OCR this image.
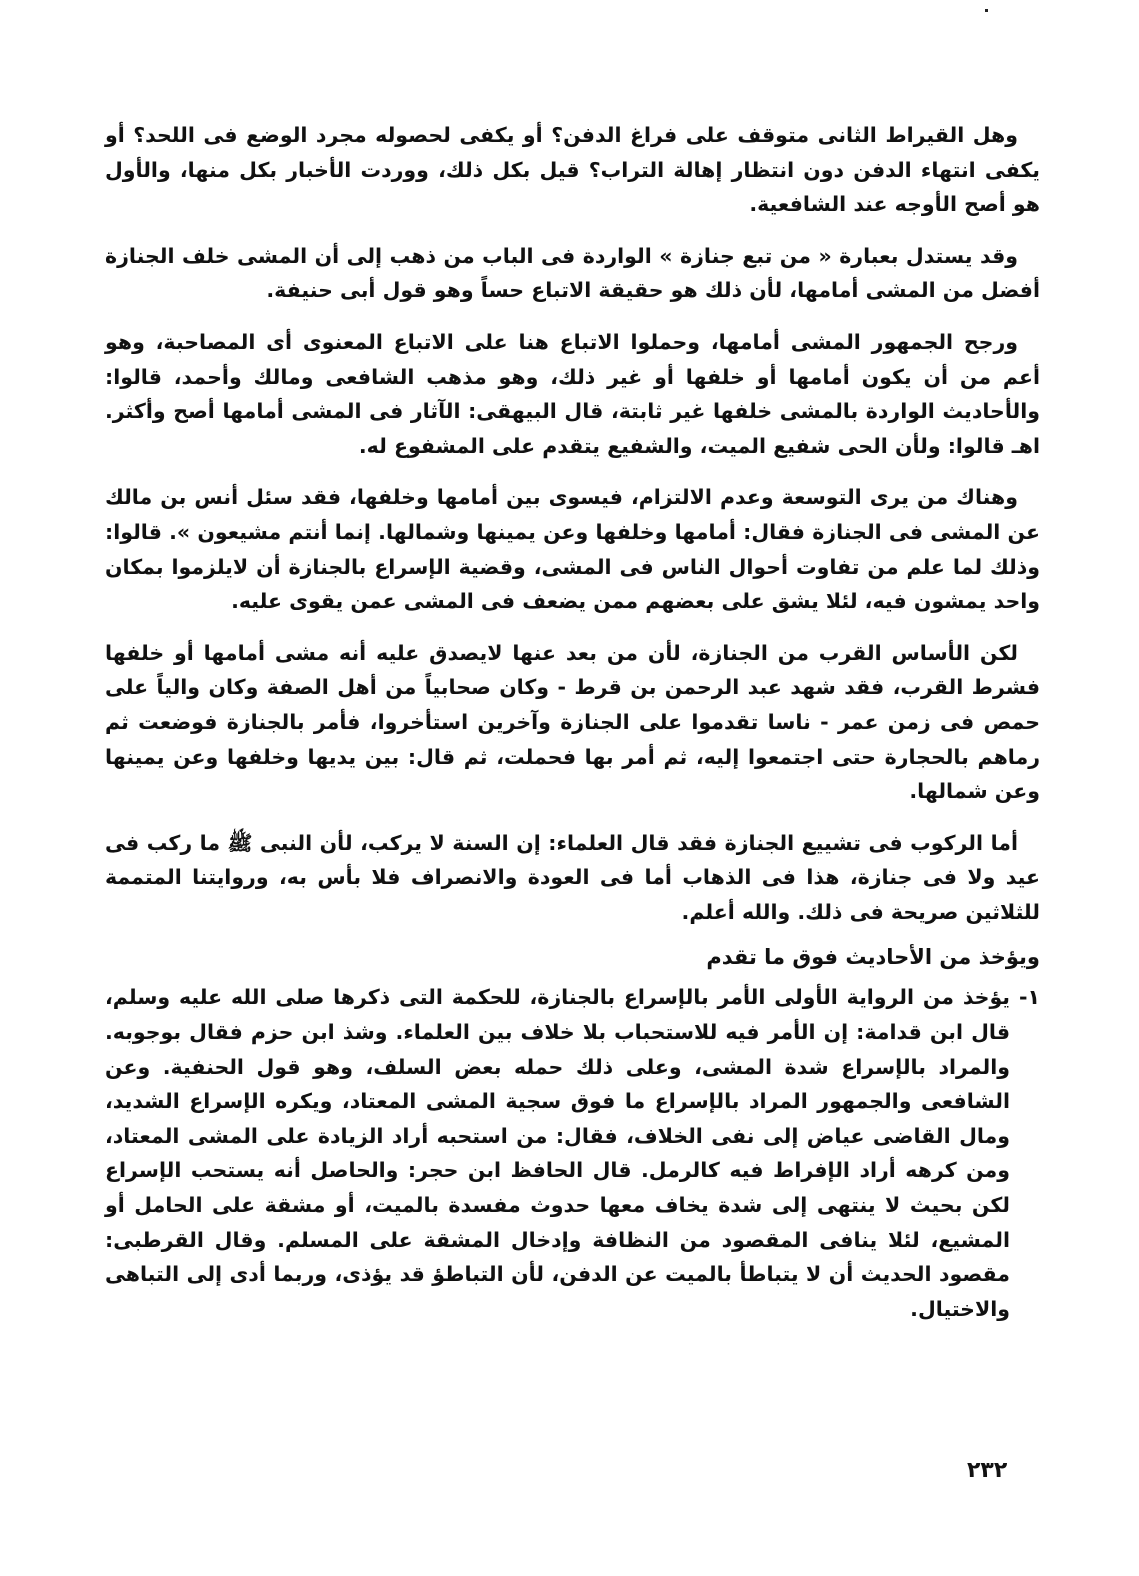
وهل القيراط الثانى متوقف على فراغ الدفن؟ أو يكفى لحصوله مجرد الوضع فى اللحد؟ أو يكفى انتهاء الدفن دون انتظار إهالة التراب؟ قيل بكل ذلك، ووردت الأخبار بكل منها، والأول هو أصح الأوجه عند الشافعية.

وقد يستدل بعبارة « من تبع جنازة » الواردة فى الباب من ذهب إلى أن المشى خلف الجنازة أفضل من المشى أمامها، لأن ذلك هو حقيقة الاتباع حساً وهو قول أبى حنيفة.

ورجح الجمهور المشى أمامها، وحملوا الاتباع هنا على الاتباع المعنوى أى المصاحبة، وهو أعم من أن يكون أمامها أو خلفها أو غير ذلك، وهو مذهب الشافعى ومالك وأحمد، قالوا: والأحاديث الواردة بالمشى خلفها غير ثابتة، قال البيهقى: الآثار فى المشى أمامها أصح وأكثر. اهـ قالوا: ولأن الحى شفيع الميت، والشفيع يتقدم على المشفوع له.

وهناك من يرى التوسعة وعدم الالتزام، فيسوى بين أمامها وخلفها، فقد سئل أنس بن مالك عن المشى فى الجنازة فقال: أمامها وخلفها وعن يمينها وشمالها. إنما أنتم مشيعون ». قالوا: وذلك لما علم من تفاوت أحوال الناس فى المشى، وقضية الإسراع بالجنازة أن لايلزموا بمكان واحد يمشون فيه، لئلا يشق على بعضهم ممن يضعف فى المشى عمن يقوى عليه.

لكن الأساس القرب من الجنازة، لأن من بعد عنها لايصدق عليه أنه مشى أمامها أو خلفها فشرط القرب، فقد شهد عبد الرحمن بن قرط - وكان صحابياً من أهل الصفة وكان والياً على حمص فى زمن عمر - ناسا تقدموا على الجنازة وآخرين استأخروا، فأمر بالجنازة فوضعت ثم رماهم بالحجارة حتى اجتمعوا إليه، ثم أمر بها فحملت، ثم قال: بين يديها وخلفها وعن يمينها وعن شمالها.

أما الركوب فى تشييع الجنازة فقد قال العلماء: إن السنة لا يركب، لأن النبى ﷺ ما ركب فى عيد ولا فى جنازة، هذا فى الذهاب أما فى العودة والانصراف فلا بأس به، وروايتنا المتممة للثلاثين صريحة فى ذلك. والله أعلم.

ويؤخذ من الأحاديث فوق ما تقدم
١-
يؤخذ من الرواية الأولى الأمر بالإسراع بالجنازة، للحكمة التى ذكرها صلى الله عليه وسلم، قال ابن قدامة: إن الأمر فيه للاستحباب بلا خلاف بين العلماء. وشذ ابن حزم فقال بوجوبه. والمراد بالإسراع شدة المشى، وعلى ذلك حمله بعض السلف، وهو قول الحنفية. وعن الشافعى والجمهور المراد بالإسراع ما فوق سجية المشى المعتاد، ويكره الإسراع الشديد، ومال القاضى عياض إلى نفى الخلاف، فقال: من استحبه أراد الزيادة على المشى المعتاد، ومن كرهه أراد الإفراط فيه كالرمل. قال الحافظ ابن حجر: والحاصل أنه يستحب الإسراع لكن بحيث لا ينتهى إلى شدة يخاف معها حدوث مفسدة بالميت، أو مشقة على الحامل أو المشيع، لئلا ينافى المقصود من النظافة وإدخال المشقة على المسلم. وقال القرطبى: مقصود الحديث أن لا يتباطأ بالميت عن الدفن، لأن التباطؤ قد يؤذى، وربما أدى إلى التباهى والاختيال.
٢٣٢
